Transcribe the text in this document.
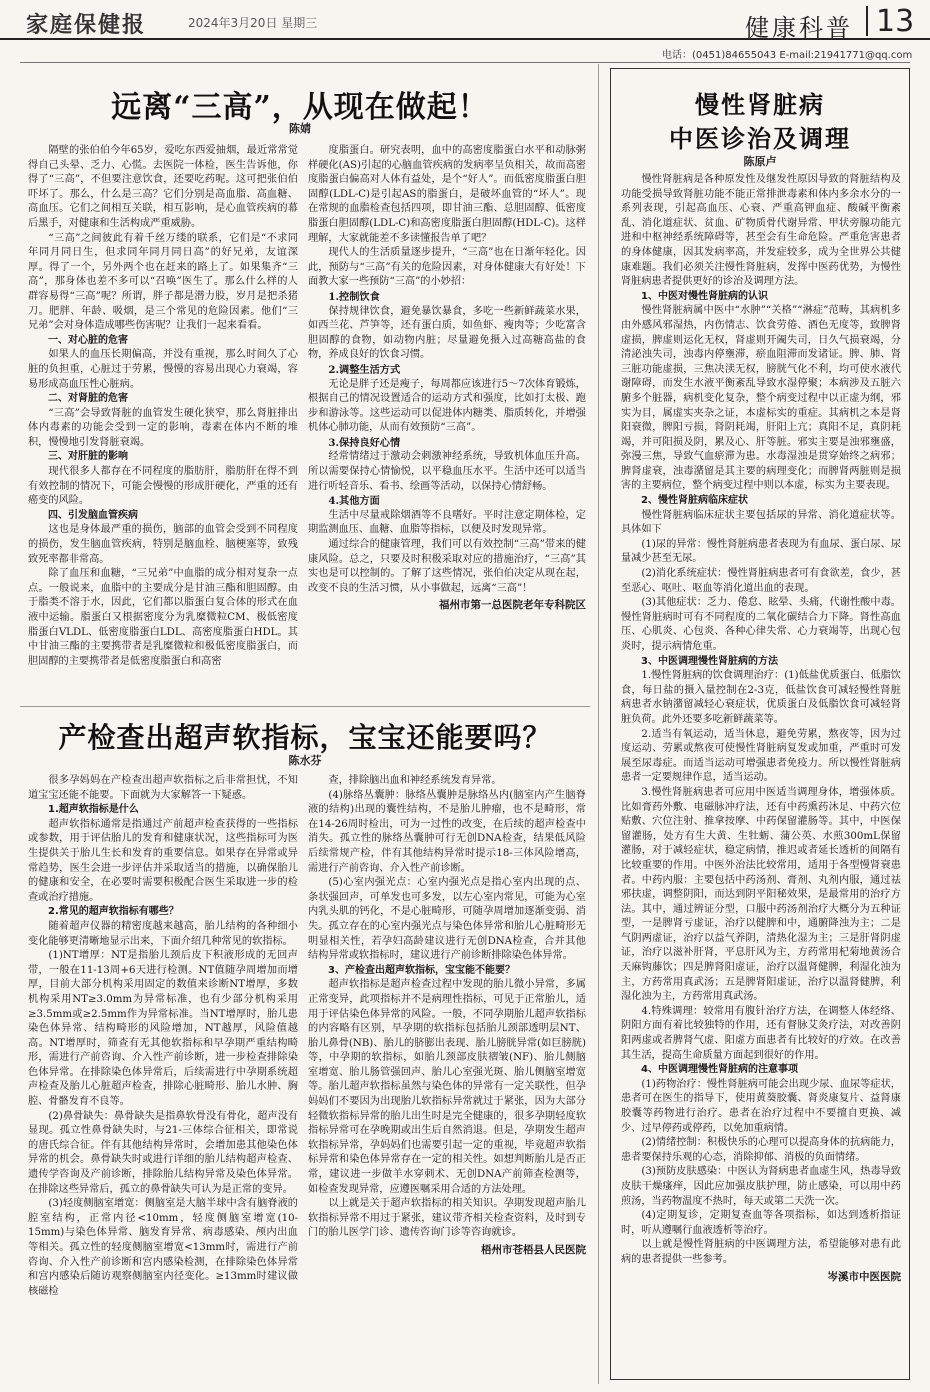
家庭保健报	2024年3月20日 星期三	健康科普 13
电话：(0451)84655043 E-mail:21941771@qq.com
远离“三高”，从现在做起！
陈婧

隔壁的张伯伯今年65岁，爱吃东西爱抽烟，最近常常觉得自己头晕、乏力、心慌。去医院一体检，医生告诉他，你得了“三高”，不但要注意饮食，还要吃药呢。这可把张伯伯吓坏了。那么，什么是三高？它们分别是高血脂、高血糖、高血压。它们之间相互关联，相互影响，是心血管疾病的幕后黑手，对健康和生活构成严重威胁。

“三高”之间彼此有着千丝万缕的联系，它们是“不求同年同月同日生，但求同年同月同日高”的好兄弟，友谊深厚。得了一个，另外两个也在赶来的路上了。如果集齐“三高”，那身体也差不多可以“召唤”医生了。那么什么样的人群容易得“三高”呢？所谓，胖子都是潜力股，岁月是把杀猪刀。肥胖、年龄、吸烟，是三个常见的危险因素。他们“三兄弟”会对身体造成哪些伤害呢？让我们一起来看看。

一、对心脏的危害

如果人的血压长期偏高，并没有重视，那么时间久了心脏的负担重，心脏过于劳累，慢慢的容易出现心力衰竭，容易形成高血压性心脏病。

二、对肾脏的危害

“三高”会导致肾脏的血管发生硬化狭窄，那么肾脏排出体内毒素的功能会受到一定的影响，毒素在体内不断的堆积，慢慢地引发肾脏衰竭。

三、对肝脏的影响

现代很多人都存在不同程度的脂肪肝，脂肪肝在得不到有效控制的情况下，可能会慢慢的形成肝硬化，严重的还有癌变的风险。

四、引发脑血管疾病

这也是身体最严重的损伤，脑部的血管会受到不同程度的损伤，发生脑血管疾病，特别是脑血栓、脑梗塞等，致残致死率都非常高。

除了血压和血糖，“三兄弟”中血脂的成分相对复杂一点点。一般说来，血脂中的主要成分是甘油三酯和胆固醇。由于脂类不溶于水，因此，它们都以脂蛋白复合体的形式在血液中运输。脂蛋白又根据密度分为乳糜微粒CM、极低密度脂蛋白VLDL、低密度脂蛋白LDL、高密度脂蛋白HDL。其中甘油三酯的主要携带者是乳糜微粒和极低密度脂蛋白，而胆固醇的主要携带者是低密度脂蛋白和高密

度脂蛋白。研究表明，血中的高密度脂蛋白水平和动脉粥样硬化(AS)引起的心脑血管疾病的发病率呈负相关，故而高密度脂蛋白偏高对人体有益处，是个“好人”。而低密度脂蛋白胆固醇(LDL-C)是引起AS的脂蛋白，是破坏血管的“坏人”。现在常规的血脂检查包括四项，即甘油三酯、总胆固醇、低密度脂蛋白胆固醇(LDL-C)和高密度脂蛋白胆固醇(HDL-C)。这样理解，大家就能差不多读懂报告单了吧？

现代人的生活质量逐步提升，“三高”也在日渐年轻化。因此，预防与“三高”有关的危险因素，对身体健康大有好处！下面教大家一些预防“三高”的小妙招：

1.控制饮食

保持规律饮食，避免暴饮暴食，多吃一些新鲜蔬菜水果，如西兰花、芦笋等，还有蛋白质，如鱼虾、瘦肉等；少吃富含胆固醇的食物，如动物内脏；尽量避免摄入过高糖高盐的食物，养成良好的饮食习惯。

2.调整生活方式

无论是胖子还是瘦子，每周都应该进行5～7次体育锻炼，根据自己的情况设置适合的运动方式和强度，比如打太极、跑步和游泳等。这些运动可以促进体内糖类、脂质转化，并增强机体心肺功能，从而有效预防“三高”。

3.保持良好心情

经常情绪过于激动会刺激神经系统，导致机体血压升高。所以需要保持心情愉悦，以平稳血压水平。生活中还可以适当进行听轻音乐、看书、绘画等活动，以保持心情舒畅。

4.其他方面

生活中尽量戒除烟酒等不良嗜好。平时注意定期体检，定期监测血压、血糖、血脂等指标，以便及时发现异常。

通过综合的健康管理，我们可以有效控制“三高”带来的健康风险。总之，只要及时积极采取对应的措施治疗，“三高”其实也是可以控制的。了解了这些情况，张伯伯决定从现在起，改变不良的生活习惯，从小事做起，远离“三高”！

福州市第一总医院老年专科院区

产检查出超声软指标，宝宝还能要吗？
陈水芬

很多孕妈妈在产检查出超声软指标之后非常担忧，不知道宝宝还能不能要。下面就为大家解答一下疑惑。

1.超声软指标是什么

超声软指标通常是指通过产前超声检查获得的一些指标或参数，用于评估胎儿的发育和健康状况，这些指标可为医生提供关于胎儿生长和发育的重要信息。如果存在异常或异常趋势，医生会进一步评估并采取适当的措施，以确保胎儿的健康和安全，在必要时需要积极配合医生采取进一步的检查或治疗措施。

2.常见的超声软指标有哪些？

随着超声仪器的精密度越来越高，胎儿结构的各种细小变化能够更清晰地显示出来，下面介绍几种常见的软指标。

(1)NT增厚：NT是指胎儿颈后皮下积液形成的无回声带，一般在11-13周+6天进行检测。NT值随孕周增加而增厚，目前大部分机构采用固定的数值来诊断NT增厚，多数机构采用NT≥3.0mm为异常标准，也有少部分机构采用≥3.5mm或≥2.5mm作为异常标准。当NT增厚时，胎儿患染色体异常、结构畸形的风险增加，NT越厚，风险值越高。NT增厚时，筛查有无其他软指标和早孕期严重结构畸形，需进行产前咨询、介入性产前诊断，进一步检查排除染色体异常。在排除染色体异常后，后续需进行中孕期系统超声检查及胎儿心脏超声检查，排除心脏畸形、胎儿水肿、胸腔、骨骼发育不良等。

(2)鼻骨缺失：鼻骨缺失是指鼻软骨没有骨化，超声没有显现。孤立性鼻骨缺失时，与21-三体综合征相关，即常说的唐氏综合征。伴有其他结构异常时，会增加患其他染色体异常的机会。鼻骨缺失时或进行详细的胎儿结构超声检查、遗传学咨询及产前诊断，排除胎儿结构异常及染色体异常。在排除这些异常后，孤立的鼻骨缺失可认为是正常的变异。

(3)轻度侧脑室增宽：侧脑室是大脑半球中含有脑脊液的腔室结构，正常内径<10mm，轻度侧脑室增宽(10-15mm)与染色体异常、脑发育异常、病毒感染、颅内出血等相关。孤立性的轻度侧脑室增宽<13mm时，需进行产前咨询、介入性产前诊断和宫内感染检测，在排除染色体异常和宫内感染后随访观察侧脑室内径变化。≥13mm时建议做核磁检

查，排除脑出血和神经系统发育异常。

(4)脉络丛囊肿：脉络丛囊肿是脉络丛内(脑室内产生脑脊液的结构)出现的囊性结构，不是胎儿肿瘤，也不是畸形，常在14-26周时检出，可为一过性的改变，在后续的超声检查中消失。孤立性的脉络丛囊肿可行无创DNA检查，结果低风险后续常规产检，伴有其他结构异常时提示18-三体风险增高，需进行产前咨询、介入性产前诊断。

(5)心室内强光点：心室内强光点是指心室内出现的点、条状强回声，可单发也可多发，以左心室内常见，可能为心室内乳头肌的钙化，不是心脏畸形，可随孕周增加逐渐变弱、消失。孤立存在的心室内强光点与染色体异常和胎儿心脏畸形无明显相关性，若孕妇高龄建议进行无创DNA检查，合并其他结构异常或软指标时，建议进行产前诊断排除染色体异常。

3、产检查出超声软指标，宝宝能不能要？

超声软指标是超声检查过程中发现的胎儿微小异常，多属正常变异，此项指标并不是病理性指标，可见于正常胎儿，适用于评估染色体异常的风险。一般，不同孕期胎儿超声软指标的内容略有区别，早孕期的软指标包括胎儿颈部透明层NT、胎儿鼻骨(NB)、胎儿的脐膨出表现、胎儿膀胱异常(如巨膀胱)等，中孕期的软指标，如胎儿颈部皮肤褶皱(NF)、胎儿侧脑室增宽、胎儿肠管强回声、胎儿心室强光斑、胎儿侧脑室增宽等。胎儿超声软指标虽然与染色体的异常有一定关联性，但孕妈妈们不要因为出现胎儿软指标异常就过于紧张，因为大部分轻微软指标异常的胎儿出生时是完全健康的，很多孕期轻度软指标异常可在孕晚期或出生后自然消退。但是，孕期发生超声软指标异常，孕妈妈们也需要引起一定的重视，毕竟超声软指标异常和染色体异常存在一定的相关性。如想判断胎儿是否正常，建议进一步做羊水穿刺术、无创DNA产前筛查检测等，如检查发现异常，应遵医嘱采用合适的方法处理。

以上就是关于超声软指标的相关知识。孕期发现超声胎儿软指标异常不用过于紧张，建议带齐相关检查资料，及时到专门的胎儿医学门诊、遗传咨询门诊等咨询就诊。

梧州市苍梧县人民医院

慢性肾脏病
中医诊治及调理
陈原卢

慢性肾脏病是各种原发性及继发性原因导致的肾脏结构及功能受损导致肾脏功能不能正常排泄毒素和体内多余水分的一系列表现，引起高血压、心衰、严重高钾血症、酸碱平衡紊乱、消化道症状、贫血、矿物质骨代谢异常、甲状旁腺功能亢进和中枢神经系统障碍等，甚至会有生命危险。严重危害患者的身体健康，因其发病率高，并发症较多，成为全世界公共健康难题。我们必须关注慢性肾脏病，发挥中医药优势，为慢性肾脏病患者提供更好的诊治及调理方法。

1、中医对慢性肾脏病的认识

慢性肾脏病属中医中“水肿”“关格”“淋症”范畴，其病机多由外感风邪湿热，内伤情志、饮食劳倦、酒色无度等，致脾肾虚损，脾虚则运化无权，肾虚则开阖失司，日久气损衰竭，分清泌浊失司，浊毒内停壅滞，瘀血阻滞而发诸证。脾、肺、肾三脏功能虚损，三焦决渎无权，膀胱气化不利，均可使水液代谢障碍，而发生水液平衡紊乱导致水湿停聚；本病涉及五脏六腑多个脏器，病机变化复杂，整个病变过程中以正虚为纲，邪实为目，属虚实夹杂之证，本虚标实的重症。其病机之本是肾阳衰微，脾阳亏损，肾阴耗竭，肝阳上亢；真阳不足，真阴耗竭，并可阳损及阴，累及心、肝等脏。邪实主要是浊邪壅盛，弥漫三焦，导致气血瘀滞为患。水毒湿浊是贯穿始终之病邪；脾肾虚衰，浊毒潴留是其主要的病理变化；而脾肾两脏则是损害的主要病位，整个病变过程中则以本虚，标实为主要表现。

2、慢性肾脏病临床症状

慢性肾脏病临床症状主要包括尿的异常、消化道症状等。具体如下

(1)尿的异常：慢性肾脏病患者表现为有血尿、蛋白尿、尿量减少甚至无尿。

(2)消化系统症状：慢性肾脏病患者可有食欲差，食少，甚至恶心、呕吐、呕血等消化道出血的表现。

(3)其他症状：乏力、倦怠、眩晕、头痛，代谢性酸中毒。慢性肾脏病时可有不同程度的二氧化碳结合力下降。肾性高血压、心肌炎、心包炎、各种心律失常、心力衰竭等，出现心包炎时，提示病情危重。

3、中医调理慢性肾脏病的方法

1.慢性肾脏病的饮食调理治疗：(1)低盐优质蛋白、低脂饮食，每日盐的摄入量控制在2-3克，低盐饮食可减轻慢性肾脏病患者水钠潴留减轻心衰症状，优质蛋白及低脂饮食可减轻肾脏负荷。此外还要多吃新鲜蔬菜等。

2.适当有氧运动，适当休息，避免劳累，熬夜等，因为过度运动、劳累或熬夜可使慢性肾脏病复发或加重，严重时可发展至尿毒症。而适当运动可增强患者免疫力。所以慢性肾脏病患者一定要规律作息，适当运动。

3.慢性肾脏病患者可应用中医适当调理身体，增强体质。比如膏药外敷、电磁脉冲疗法，还有中药熏药沐足、中药穴位贴敷、穴位注射、推拿按摩、中药保留灌肠等。其中，中医保留灌肠，处方有生大黄、生牡蛎、蒲公英、水煎300mL保留灌肠，对于减轻症状，稳定病情，推迟或者延长透析的间隔有比较重要的作用。中医外治法比较常用，适用于各型慢肾衰患者。中药内服：主要包括中药汤剂、膏剂、丸剂内服，通过祛邪扶虚，调整阴阳，而达到阴平阳秘效果，是最常用的治疗方法。其中，通过辨证分型，口服中药汤剂治疗大概分为五种证型，一是脾肾亏虚证，治疗以健脾和中，通腑降浊为主；二是气阴两虚证，治疗以益气养阴，清热化湿为主；三是肝肾阴虚证，治疗以滋补肝肾，平息肝风为主，方药常用杞菊地黄汤合天麻钩藤饮；四是脾肾阳虚证，治疗以温肾健脾，利湿化浊为主，方药常用真武汤；五是脾肾阳虚证，治疗以温肾健脾，利湿化浊为主，方药常用真武汤。

4.特殊调理：较常用有腹针治疗方法，在调整人体经络、阴阳方面有着比较独特的作用，还有督脉艾灸疗法，对改善阴阳两虚或者脾肾气虚、阳虚方面患者有比较好的疗效。在改善其生活，提高生命质量方面起到很好的作用。

4、中医调理慢性肾脏病的注意事项

(1)药物治疗：慢性肾脏病可能会出现少尿、血尿等症状，患者可在医生的指导下，使用黄葵胶囊、肾炎康复片、益肾康胶囊等药物进行治疗。患者在治疗过程中不要擅自更换、减少、过早停药或停药，以免加重病情。

(2)情绪控制：积极快乐的心理可以提高身体的抗病能力，患者要保持乐观的心态，消除抑郁、消极的负面情绪。

(3)预防皮肤感染：中医认为肾病患者血虚生风，热毒导致皮肤干燥瘙痒，因此应加强皮肤护理，防止感染，可以用中药煎汤，当药物温度不热时，每天或第二天洗一次。

(4)定期复诊，定期复查血等各项指标，如达到透析指证时，听从遵嘱行血液透析等治疗。

以上就是慢性肾脏病的中医调理方法，希望能够对患有此病的患者提供一些参考。

岑溪市中医医院
